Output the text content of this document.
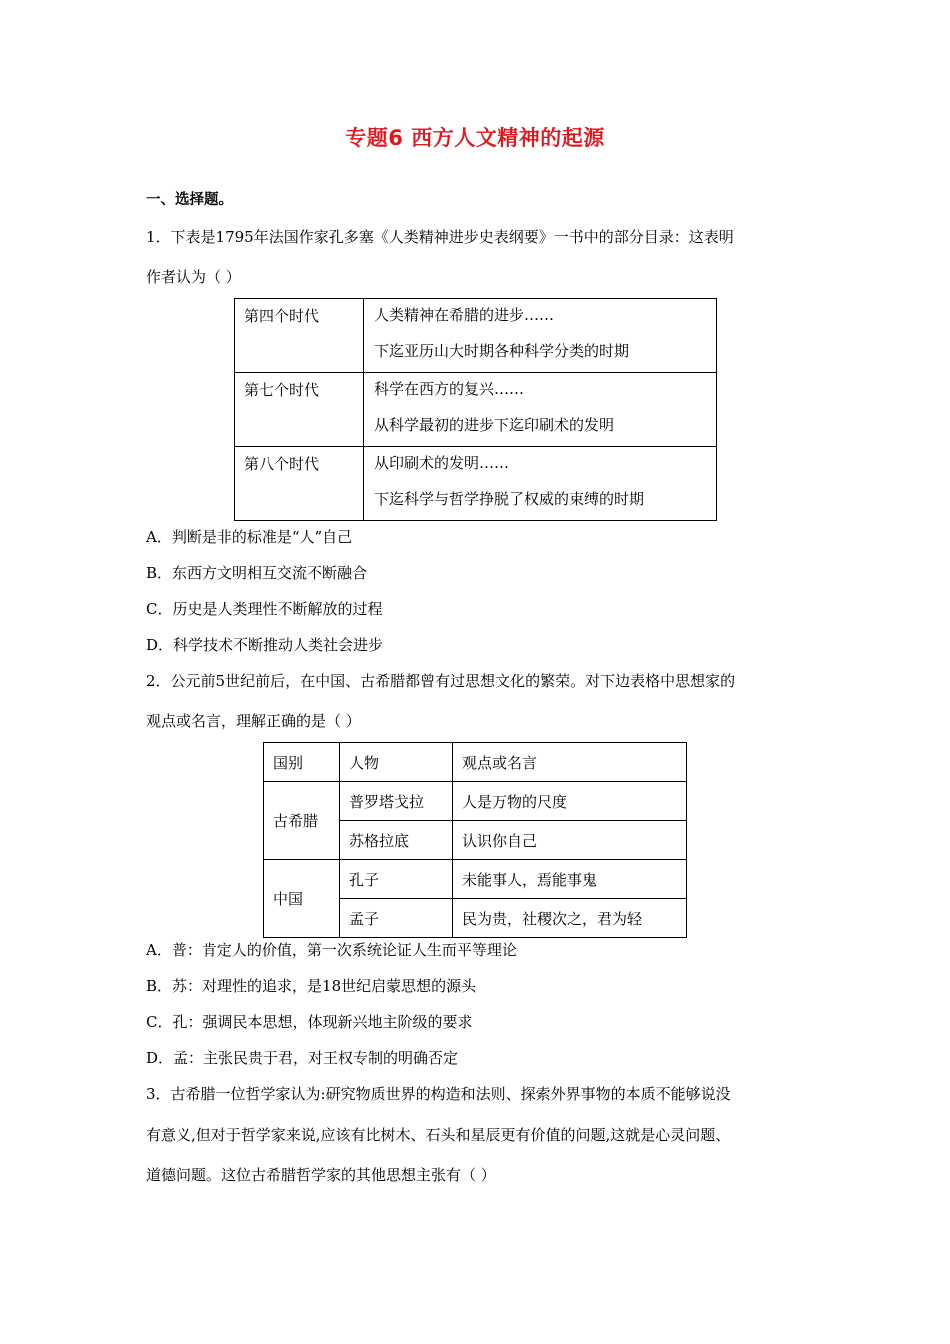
专题6 西方人文精神的起源
一、选择题。
1．下表是1795年法国作家孔多塞《人类精神进步史表纲要》一书中的部分目录：这表明
作者认为（ ）
第四个时代	人类精神在希腊的进步……
下迄亚历山大时期各种科学分类的时期

第七个时代	科学在西方的复兴……
从科学最初的进步下迄印刷术的发明

第八个时代	从印刷术的发明……
下迄科学与哲学挣脱了权威的束缚的时期
A．判断是非的标准是“人”自己
B．东西方文明相互交流不断融合
C．历史是人类理性不断解放的过程
D．科学技术不断推动人类社会进步
2．公元前5世纪前后，在中国、古希腊都曾有过思想文化的繁荣。对下边表格中思想家的
观点或名言，理解正确的是（ ）
国别	人物	观点或名言
古希腊	普罗塔戈拉	人是万物的尺度
	苏格拉底	认识你自己
中国	孔子	未能事人，焉能事鬼
	孟子	民为贵，社稷次之，君为轻
A．普：肯定人的价值，第一次系统论证人生而平等理论
B．苏：对理性的追求，是18世纪启蒙思想的源头
C．孔：强调民本思想，体现新兴地主阶级的要求
D．孟：主张民贵于君，对王权专制的明确否定
3．古希腊一位哲学家认为:研究物质世界的构造和法则、探索外界事物的本质不能够说没
有意义,但对于哲学家来说,应该有比树木、石头和星辰更有价值的问题,这就是心灵问题、
道德问题。这位古希腊哲学家的其他思想主张有（ ）
